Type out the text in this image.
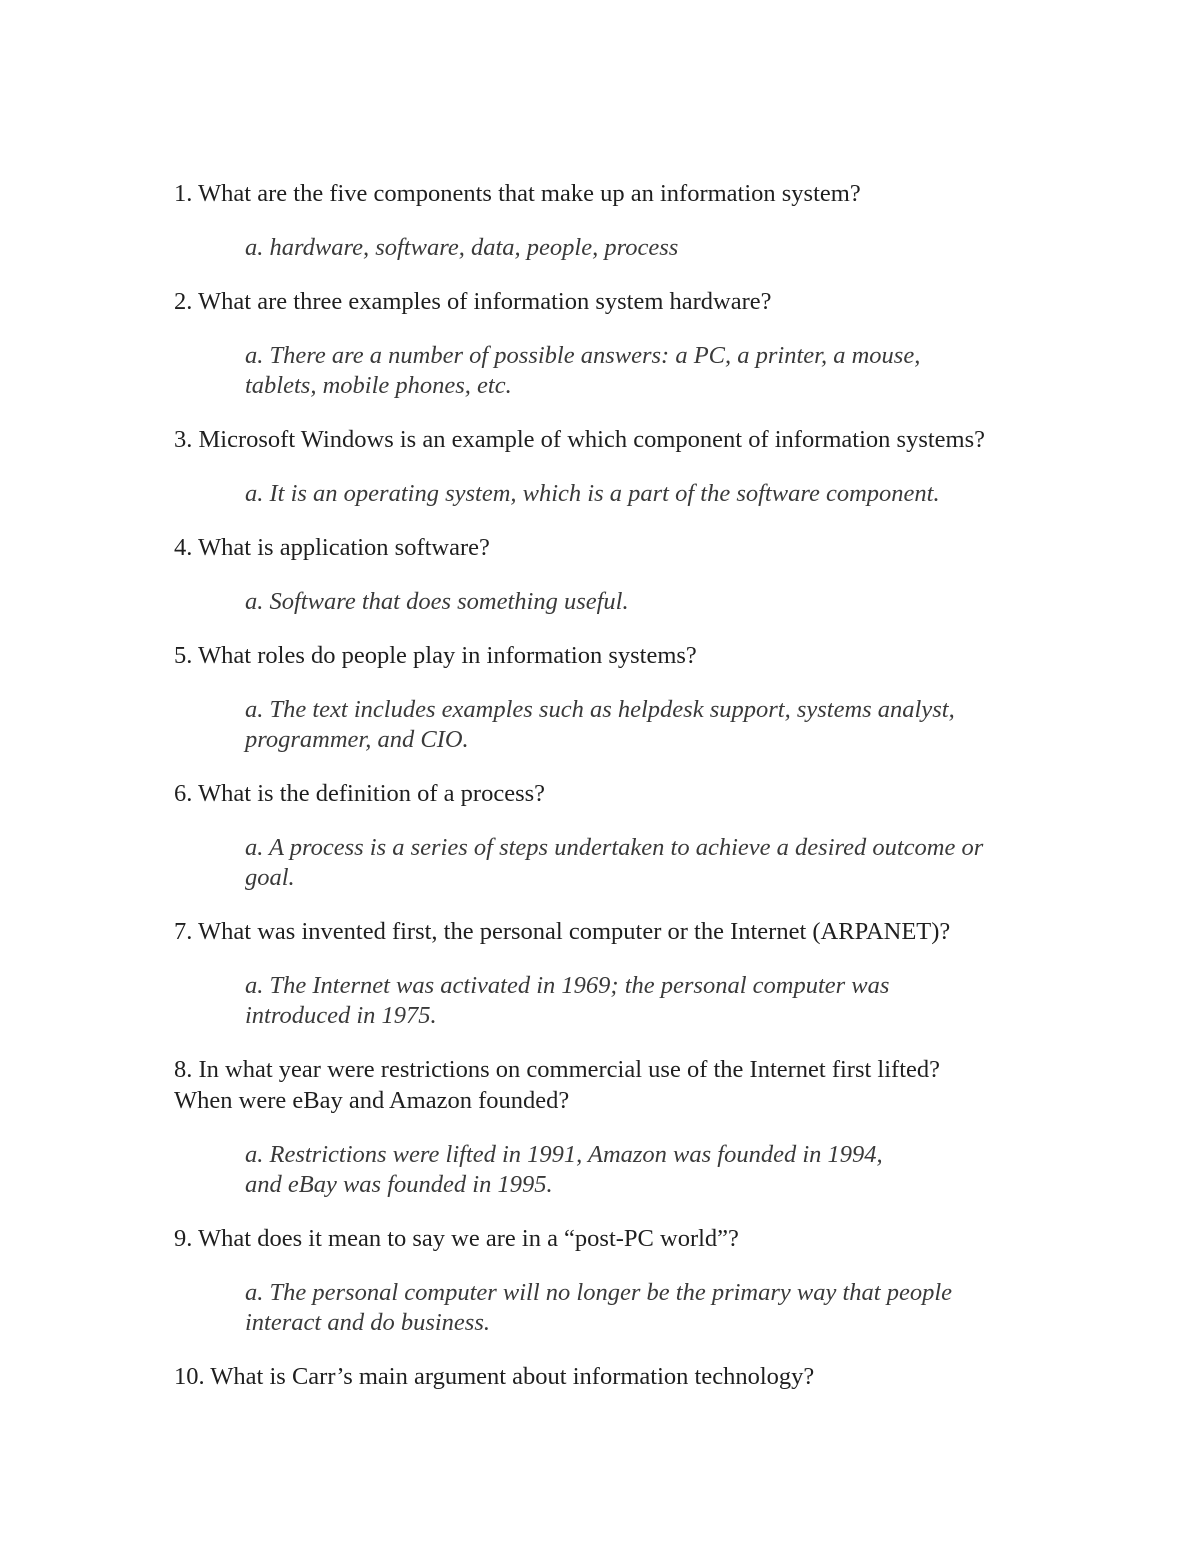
1. What are the five components that make up an information system?
a. hardware, software, data, people, process
2. What are three examples of information system hardware?
a. There are a number of possible answers: a PC, a printer, a mouse,
tablets, mobile phones, etc.
3. Microsoft Windows is an example of which component of information systems?
a. It is an operating system, which is a part of the software component.
4. What is application software?
a. Software that does something useful.
5. What roles do people play in information systems?
a. The text includes examples such as helpdesk support, systems analyst,
programmer, and CIO.
6. What is the definition of a process?
a. A process is a series of steps undertaken to achieve a desired outcome or
goal.
7. What was invented first, the personal computer or the Internet (ARPANET)?
a. The Internet was activated in 1969; the personal computer was
introduced in 1975.
8. In what year were restrictions on commercial use of the Internet first lifted?
When were eBay and Amazon founded?
a. Restrictions were lifted in 1991, Amazon was founded in 1994,
and eBay was founded in 1995.
9. What does it mean to say we are in a “post-PC world”?
a. The personal computer will no longer be the primary way that people
interact and do business.
10. What is Carr’s main argument about information technology?
